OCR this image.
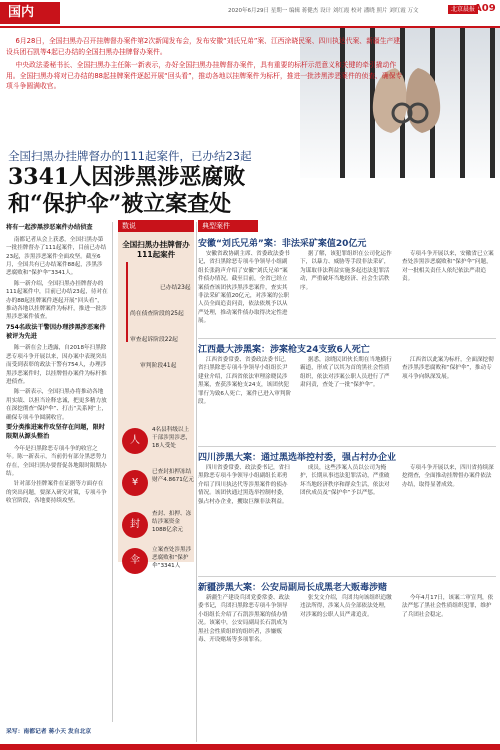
国内	2020年6月29日 星期一 编辑 蒋健杰 设计 刘红霞 校对 潘晓 照片 刘红霞 万文	北京晨报
A09

6月28日，全国扫黑办召开挂牌督办案件第2次新闻发布会，发布安徽“刘氏兄弟”案、江西涂晓民案、四川执达代案、新疆生产建设兵团石凯等4起已办结的全国扫黑办挂牌督办案件。

中央政法委秘书长、全国扫黑办主任陈一新表示，办好全国扫黑办挂牌督办案件，具有重要的标杆示范意义和关键的牵引撬动作用。全国扫黑办将对已办结的88起挂牌案件逐起开展“回头看”，推动各地以挂牌案件为标杆，推进一批涉黑涉恶案件的侦查、确保专项斗争圆满收官。

全国扫黑办挂牌督办的111起案件，已办结23起
3341人因涉黑涉恶腐败
和“保护伞”被立案查处
将有一起涉黑涉恶案件办结侦查

南都记者从会上获悉，全国扫黑办第一批挂牌督办了111起案件，目前已办结23起，涉黑涉恶案件全面攻坚。截至6月，全国共有已办结案件88起，涉黑涉恶腐败和“保护伞”3341人。

陈一新介绍，全国扫黑办挂牌督办的111起案件中，目前已办结23起，待对在办的88起挂牌案件逐起开展“回头看”，推动各地以挂牌案件为标杆，推进一批涉黑涉恶案件侦查。

754名政法干警因办理涉黑涉恶案件被评为先进

陈一新在会上透露，自2018年扫黑除恶专项斗争开展以来，因办案中表现突出而受到表彰的政法干警有754人，办理涉黑涉恶案件时，以挂牌督办案件为标杆推进侦查。

陈一新表示，全国扫黑办将推动各地用实绩、以担当诠释忠诚，把更多精力放在深挖彻查“保护伞”、打击“关系网”上，确保专项斗争圆满收官。

要分类推进案件攻坚存在问题，限时限期从源头整治

今年是扫黑除恶专项斗争的收官之年。陈一新表示，当前仍有部分黑恶势力存在，全国扫黑办要督促各地限时限期办结。

针对部分挂牌案件在证据等方面存在的突出问题，要深入研究对策，专项斗争收官阶段，各地要持续攻坚。

采写：南都记者 蒋小天 发自北京
数说
全国扫黑办挂牌督办111起案件
已办结23起
尚在侦查阶段的25起
审查起诉阶段22起
审判阶段41起
人
4名县科级以上干部涉黑涉恶，18人受处
¥
已查封扣押冻结财产4.8671亿元
封
查封、扣押、冻结涉案资金1088亿余元
伞
立案查处涉黑涉恶腐败和“保护伞”3341人
典型案件
安徽“刘氏兄弟”案：非法采矿案值20亿元
安徽省政协副主席、省委政法委书记，省扫黑除恶专项斗争领导小组副组长张韵声介绍了安徽“刘氏兄弟”案件侦办情况。截至目前，全省已经立案侦查该团伙涉黑涉恶案件，查实其非法采矿案值20亿元，对涉案的公职人员全面追责问责，依法依规予以从严处理，推动案件侦办取得决定性进展。
据了解，该犯罪组织在公司化运作下，以暴力、威胁等手段非法采矿，为谋取非法利益实施多起违法犯罪活动，严重破坏当地经济、社会生活秩序。
专项斗争开展以来，安徽省已立案查处涉黑涉恶腐败和“保护伞”问题，对一批相关责任人依纪依法严肃追责。
江西最大涉黑案：涉案枪支24支致6人死亡
江西省委常委、省委政法委书记，省扫黑除恶专项斗争领导小组组长尹建业介绍，江西省依法审理涂晓民涉黑案，查获涉案枪支24支，该团伙犯罪行为致6人死亡，案件已进入审判阶段。
据悉，涂晓民团伙长期在当地横行霸道，形成了以其为首的黑社会性质组织，依法对涉案公职人员进行了严肃问责，查处了一批“保护伞”。
江西省以此案为标杆，全面深挖彻查涉黑涉恶腐败和“保护伞”，推动专项斗争向纵深发展。
四川涉黑大案：通过黑选举控村委，强占村办企业
四川省委常委、政法委书记，省扫黑除恶专项斗争领导小组副组长邓勇介绍了四川执达代等涉黑案件的侦办情况。该团伙通过黑选举控制村委，强占村办企业，攫取巨额非法利益。
成员，这些涉案人员以公司为掩护，长期从事违法犯罪活动，严重破坏当地经济秩序和群众生活，依法对团伙成员及“保护伞”予以严惩。
专项斗争开展以来，四川省持续深挖彻查，全面推动挂牌督办案件依法办结，取得显著成效。
新疆涉黑大案：公安局副局长成黑老大贩毒涉赌
新疆生产建设兵团党委常委、政法委书记，兵团扫黑除恶专项斗争领导小组组长介绍了石凯涉黑案的侦办情况。该案中，公安局副局长石凯成为黑社会性质组织的组织者，涉嫌贩毒、开设赌场等多项罪名。
张戈文介绍，兵团共向该组织追缴违法所得，涉案人员全部依法处理，对涉案的公职人员严肃追责。
今年4月17日，该案二审宣判，依法严惩了黑社会性质组织犯罪，维护了兵团社会稳定。
